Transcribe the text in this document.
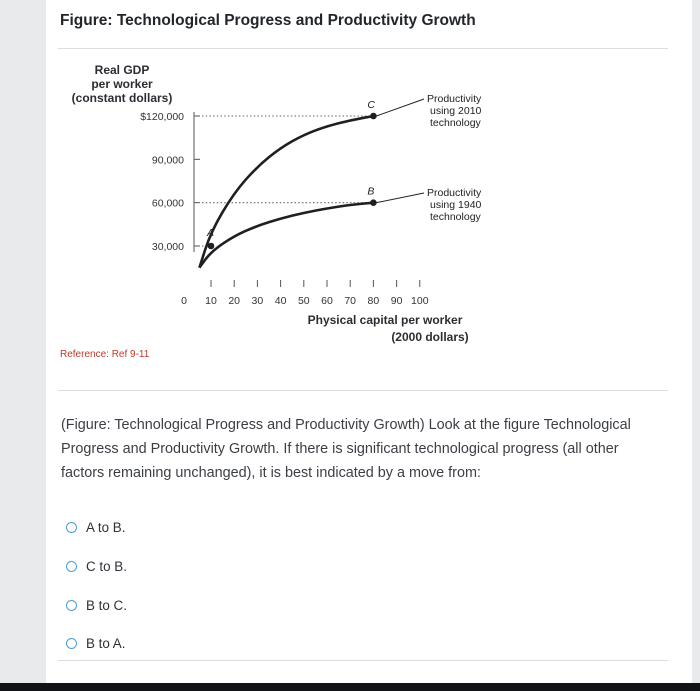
Figure: Technological Progress and Productivity Growth
Real GDP
per worker
(constant dollars)
$120,000
90,000
60,000
30,000
0 10 20 30 40 50 60 70 80 90 100
Physical capital per worker
(2000 dollars)
Productivity
using 2010
technology
Productivity
using 1940
technology
A
B
C
Reference: Ref 9-11
(Figure: Technological Progress and Productivity Growth) Look at the figure Technological Progress and Productivity Growth. If there is significant technological progress (all other factors remaining unchanged), it is best indicated by a move from:
A to B.
C to B.
B to C.
B to A.
